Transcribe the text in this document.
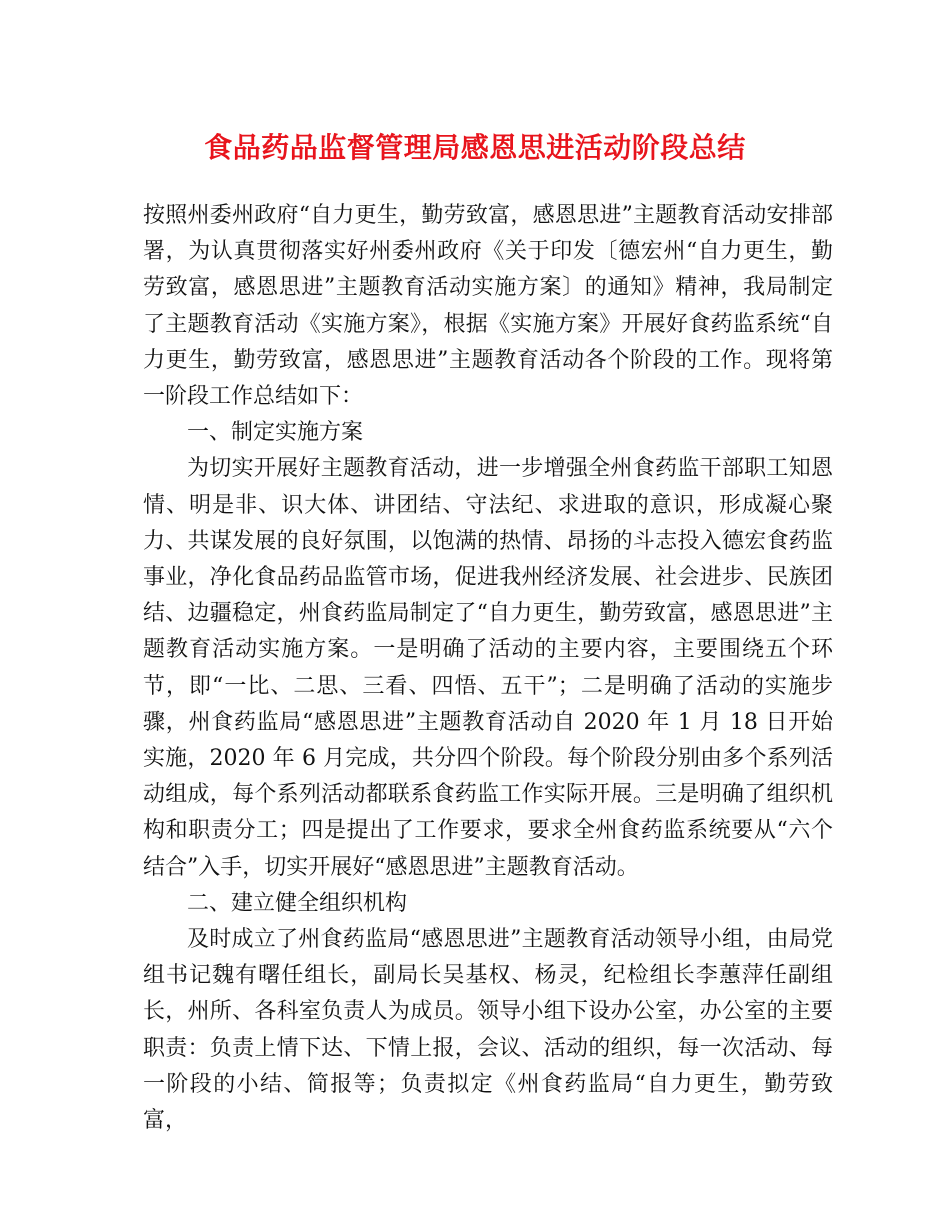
食品药品监督管理局感恩思进活动阶段总结

按照州委州政府“自力更生，勤劳致富，感恩思进”主题教育活动安排部署，为认真贯彻落实好州委州政府《关于印发〔德宏州“自力更生，勤劳致富，感恩思进”主题教育活动实施方案〕的通知》精神，我局制定了主题教育活动《实施方案》，根据《实施方案》开展好食药监系统“自力更生，勤劳致富，感恩思进”主题教育活动各个阶段的工作。现将第一阶段工作总结如下：

一、制定实施方案

为切实开展好主题教育活动，进一步增强全州食药监干部职工知恩情、明是非、识大体、讲团结、守法纪、求进取的意识，形成凝心聚力、共谋发展的良好氛围，以饱满的热情、昂扬的斗志投入德宏食药监事业，净化食品药品监管市场，促进我州经济发展、社会进步、民族团结、边疆稳定，州食药监局制定了“自力更生，勤劳致富，感恩思进”主题教育活动实施方案。一是明确了活动的主要内容，主要围绕五个环节，即“一比、二思、三看、四悟、五干”；二是明确了活动的实施步骤，州食药监局“感恩思进”主题教育活动自 2020 年 1 月 18 日开始实施，2020 年 6 月完成，共分四个阶段。每个阶段分别由多个系列活动组成，每个系列活动都联系食药监工作实际开展。三是明确了组织机构和职责分工；四是提出了工作要求，要求全州食药监系统要从“六个结合”入手，切实开展好“感恩思进”主题教育活动。

二、建立健全组织机构

及时成立了州食药监局“感恩思进”主题教育活动领导小组，由局党组书记魏有曙任组长，副局长吴基权、杨灵，纪检组长李蕙萍任副组长，州所、各科室负责人为成员。领导小组下设办公室，办公室的主要职责：负责上情下达、下情上报，会议、活动的组织，每一次活动、每一阶段的小结、简报等；负责拟定《州食药监局“自力更生，勤劳致富，
